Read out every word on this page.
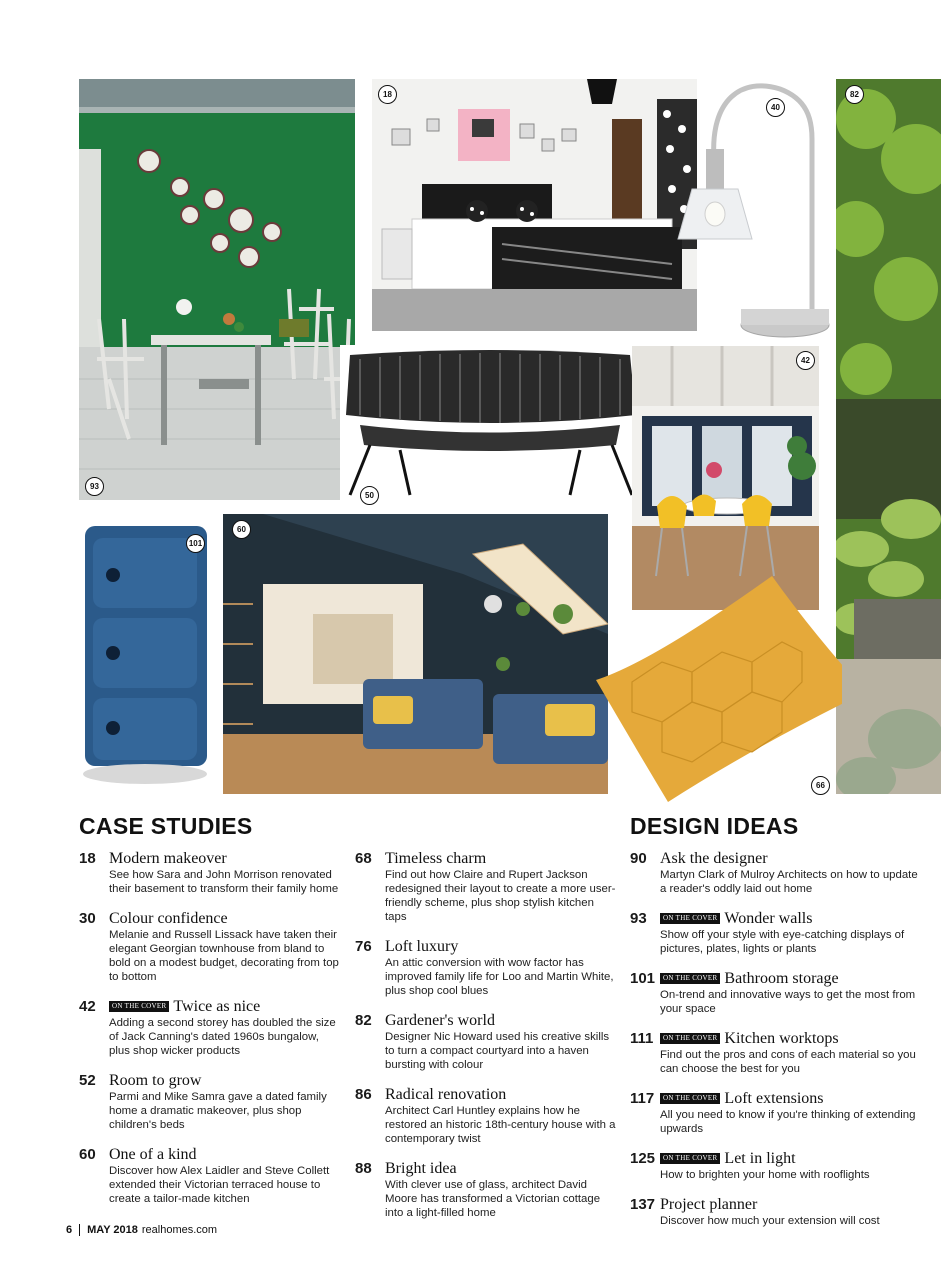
93
18
40
82
50
42
101
60
66
CASE STUDIES
18 Modern makeover
See how Sara and John Morrison renovated their basement to transform their family home
30 Colour confidence
Melanie and Russell Lissack have taken their elegant Georgian townhouse from bland to bold on a modest budget, decorating from top to bottom
42	ON THE COVER Twice as nice
Adding a second storey has doubled the size of Jack Canning's dated 1960s bungalow, plus shop wicker products
52 Room to grow
Parmi and Mike Samra gave a dated family home a dramatic makeover, plus shop children's beds
60 One of a kind
Discover how Alex Laidler and Steve Collett extended their Victorian terraced house to create a tailor-made kitchen
68 Timeless charm
Find out how Claire and Rupert Jackson redesigned their layout to create a more user-friendly scheme, plus shop stylish kitchen taps
76 Loft luxury
An attic conversion with wow factor has improved family life for Loo and Martin White, plus shop cool blues
82 Gardener's world
Designer Nic Howard used his creative skills to turn a compact courtyard into a haven bursting with colour
86 Radical renovation
Architect Carl Huntley explains how he restored an historic 18th-century house with a contemporary twist
88 Bright idea
With clever use of glass, architect David Moore has transformed a Victorian cottage into a light-filled home
DESIGN IDEAS
90 Ask the designer
Martyn Clark of Mulroy Architects on how to update a reader's oddly laid out home
93	ON THE COVER Wonder walls
Show off your style with eye-catching displays of pictures, plates, lights or plants
101	ON THE COVER Bathroom storage
On-trend and innovative ways to get the most from your space
111	ON THE COVER Kitchen worktops
Find out the pros and cons of each material so you can choose the best for you
117	ON THE COVER Loft extensions
All you need to know if you're thinking of extending upwards
125	ON THE COVER Let in light
How to brighten your home with rooflights
137 Project planner
Discover how much your extension will cost
6 MAY 2018 realhomes.com
